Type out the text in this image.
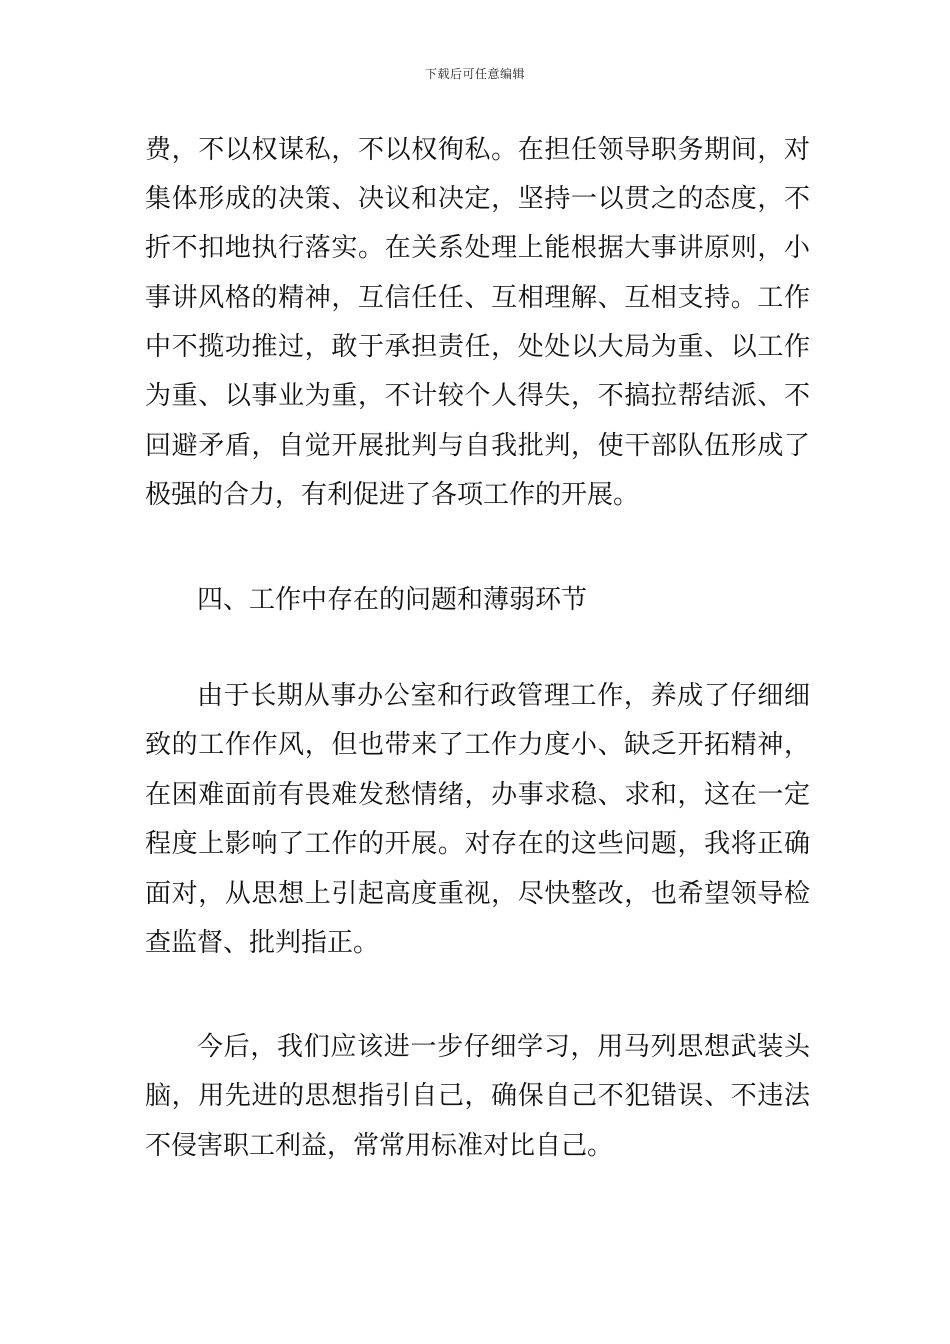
下载后可任意编辑
费，不以权谋私，不以权徇私。在担任领导职务期间，对
集体形成的决策、决议和决定，坚持一以贯之的态度，不
折不扣地执行落实。在关系处理上能根据大事讲原则，小
事讲风格的精神，互信任任、互相理解、互相支持。工作
中不揽功推过，敢于承担责任，处处以大局为重、以工作
为重、以事业为重，不计较个人得失，不搞拉帮结派、不
回避矛盾，自觉开展批判与自我批判，使干部队伍形成了
极强的合力，有利促进了各项工作的开展。
四、工作中存在的问题和薄弱环节
由于长期从事办公室和行政管理工作，养成了仔细细
致的工作作风，但也带来了工作力度小、缺乏开拓精神，
在困难面前有畏难发愁情绪，办事求稳、求和，这在一定
程度上影响了工作的开展。对存在的这些问题，我将正确
面对，从思想上引起高度重视，尽快整改，也希望领导检
查监督、批判指正。
今后，我们应该进一步仔细学习，用马列思想武装头
脑，用先进的思想指引自己，确保自己不犯错误、不违法
不侵害职工利益，常常用标准对比自己。
